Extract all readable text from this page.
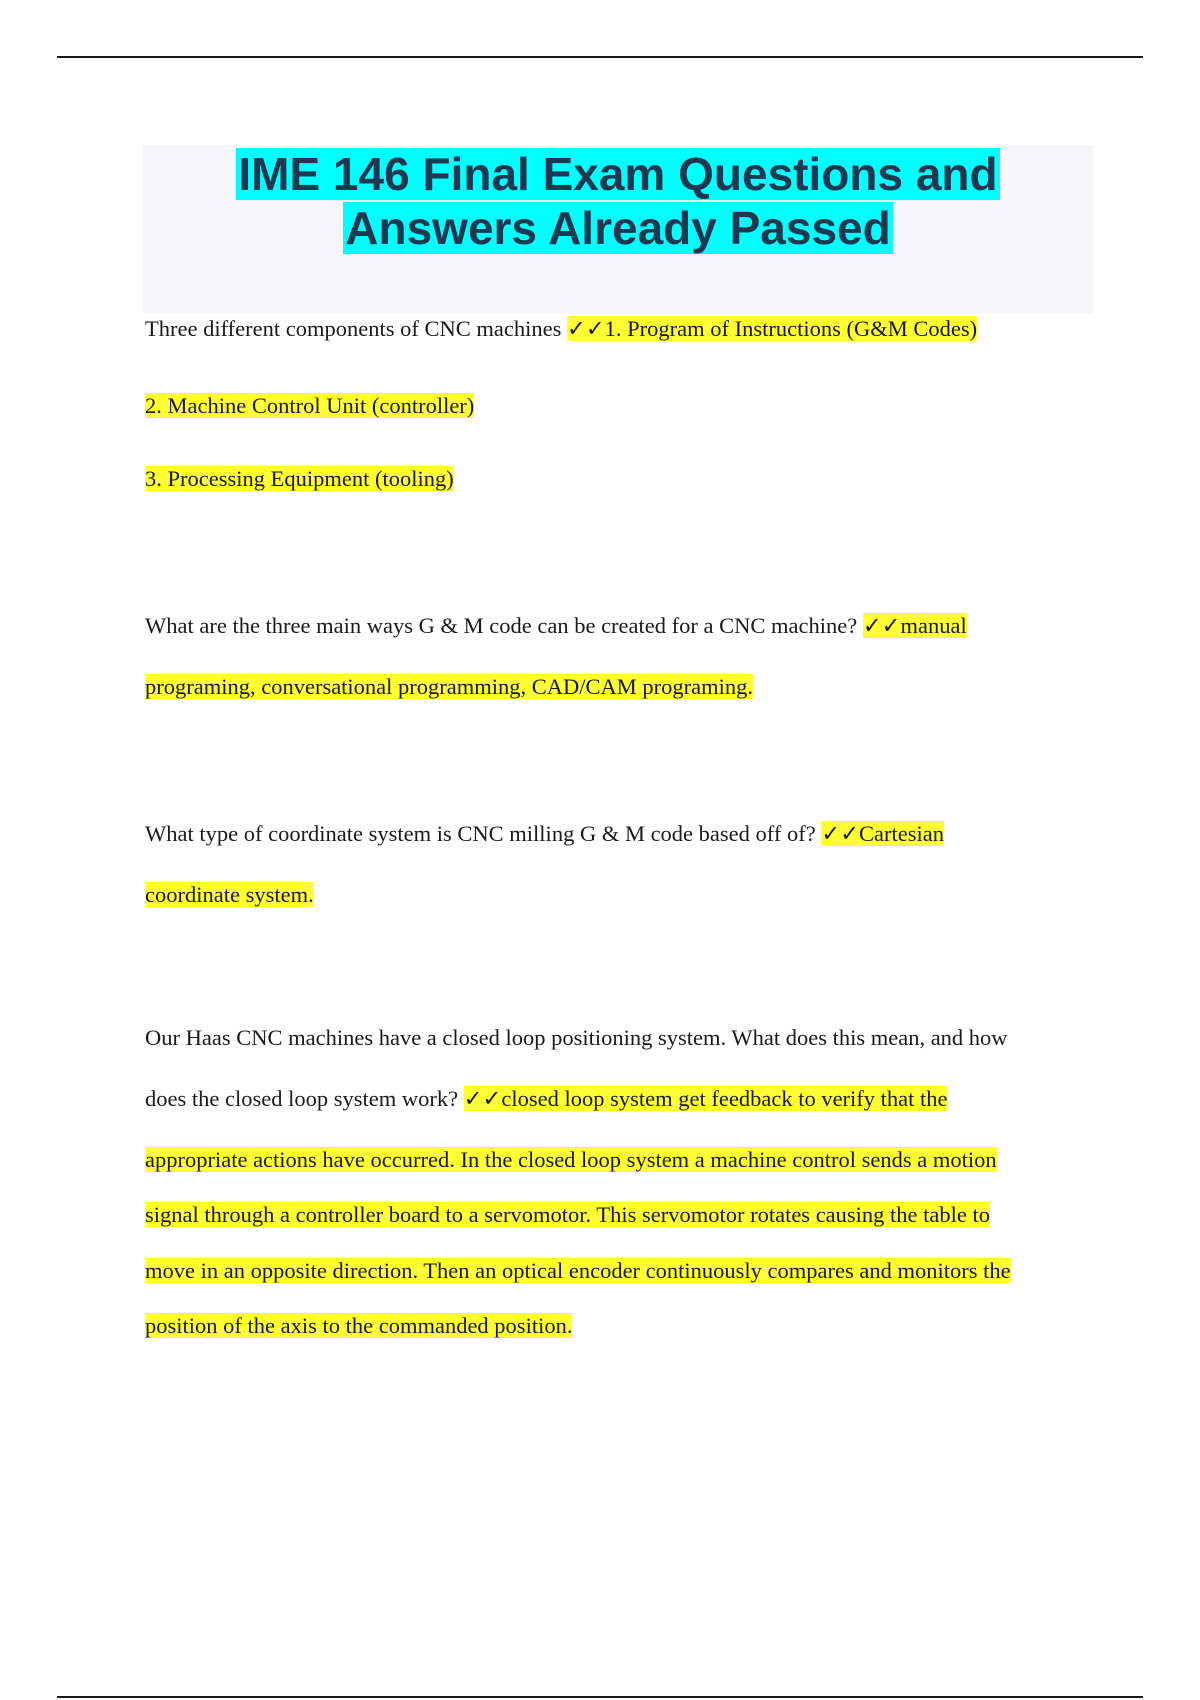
IME 146 Final Exam Questions and
Answers Already Passed
Three different components of CNC machines ✓✓1. Program of Instructions (G&M Codes)
2. Machine Control Unit (controller)
3. Processing Equipment (tooling)
What are the three main ways G & M code can be created for a CNC machine? ✓✓manual
programing, conversational programming, CAD/CAM programing.
What type of coordinate system is CNC milling G & M code based off of? ✓✓Cartesian
coordinate system.
Our Haas CNC machines have a closed loop positioning system. What does this mean, and how
does the closed loop system work? ✓✓closed loop system get feedback to verify that the
appropriate actions have occurred. In the closed loop system a machine control sends a motion
signal through a controller board to a servomotor. This servomotor rotates causing the table to
move in an opposite direction. Then an optical encoder continuously compares and monitors the
position of the axis to the commanded position.
